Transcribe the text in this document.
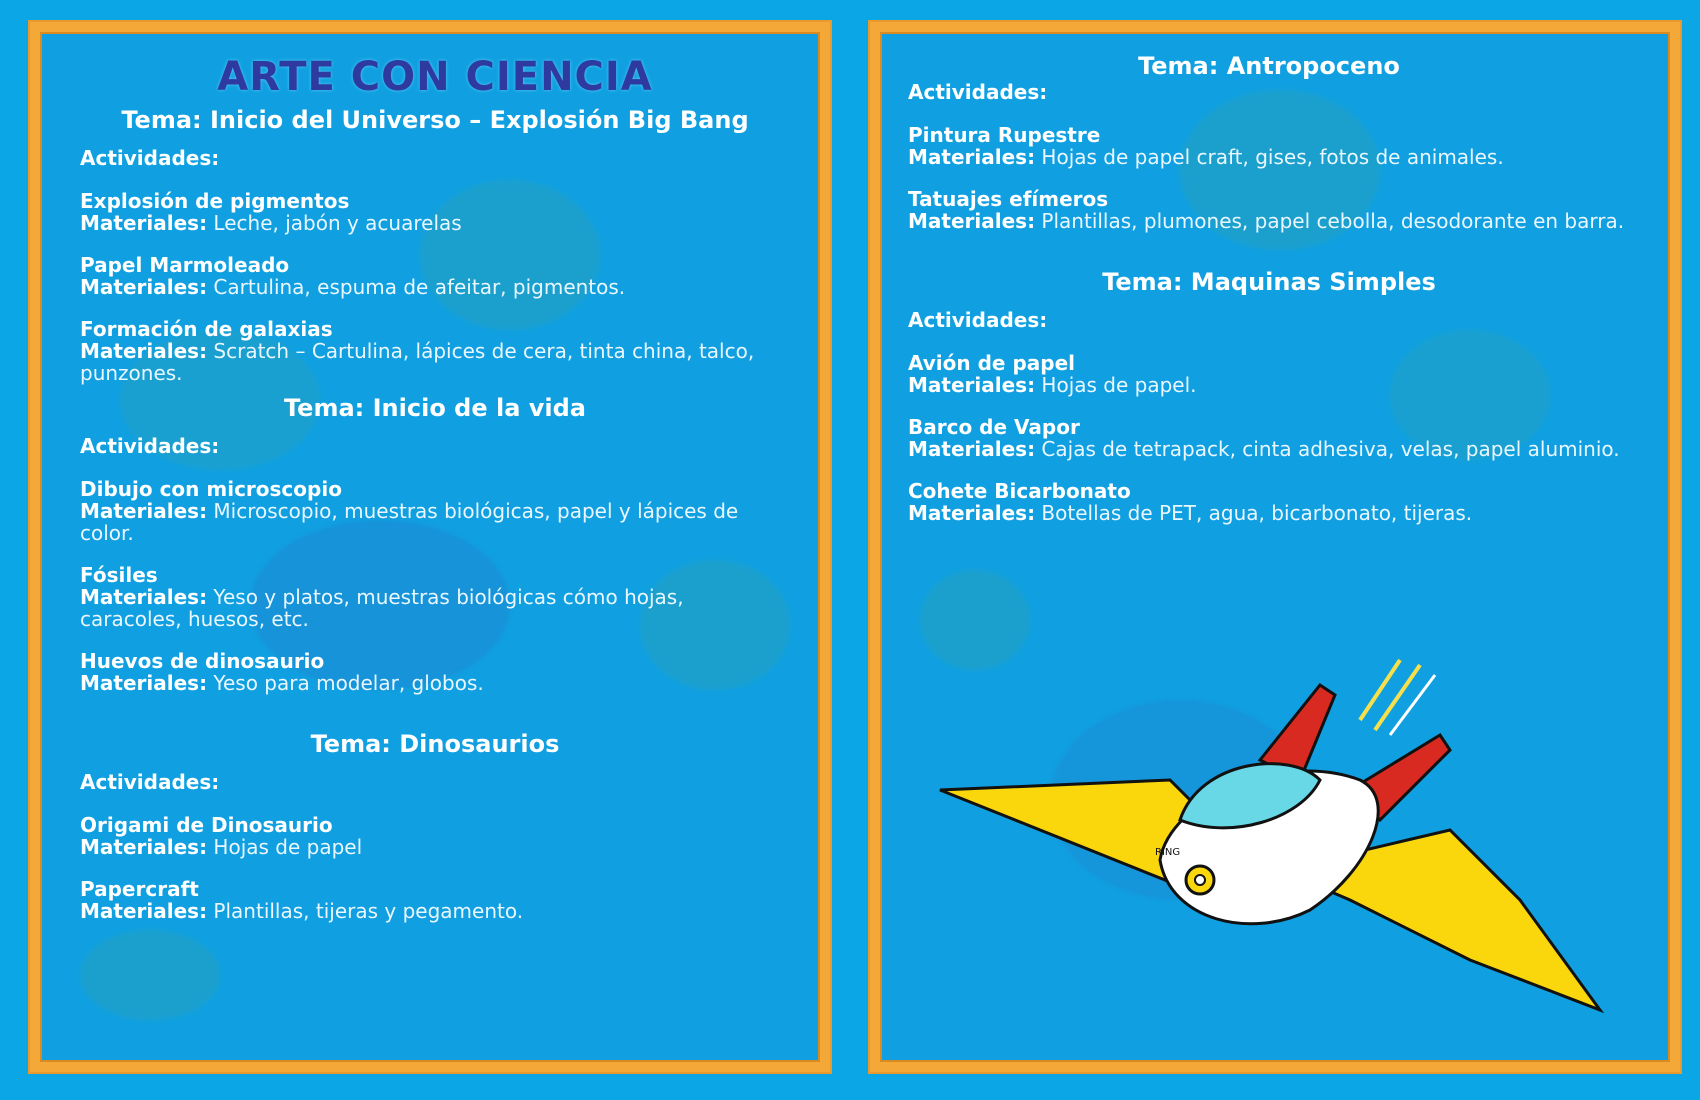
ARTE CON CIENCIA
Tema: Inicio del Universo – Explosión Big Bang
Actividades:
Explosión de pigmentos
Materiales: Leche, jabón y acuarelas
Papel Marmoleado
Materiales: Cartulina, espuma de afeitar, pigmentos.
Formación de galaxias
Materiales: Scratch – Cartulina, lápices de cera, tinta china, talco, punzones.
Tema: Inicio de la vida
Actividades:
Dibujo con microscopio
Materiales: Microscopio, muestras biológicas, papel y lápices de color.
Fósiles
Materiales: Yeso y platos, muestras biológicas cómo hojas, caracoles, huesos, etc.
Huevos de dinosaurio
Materiales: Yeso para modelar, globos.
Tema: Dinosaurios
Actividades:
Origami de Dinosaurio
Materiales: Hojas de papel
Papercraft
Materiales: Plantillas, tijeras y pegamento.
Tema: Antropoceno
Actividades:
Pintura Rupestre
Materiales: Hojas de papel craft, gises, fotos de animales.
Tatuajes efímeros
Materiales: Plantillas, plumones, papel cebolla, desodorante en barra.
Tema: Maquinas Simples
Actividades:
Avión de papel
Materiales: Hojas de papel.
Barco de Vapor
Materiales: Cajas de tetrapack, cinta adhesiva, velas, papel aluminio.
Cohete Bicarbonato
Materiales: Botellas de PET, agua, bicarbonato, tijeras.
RING
